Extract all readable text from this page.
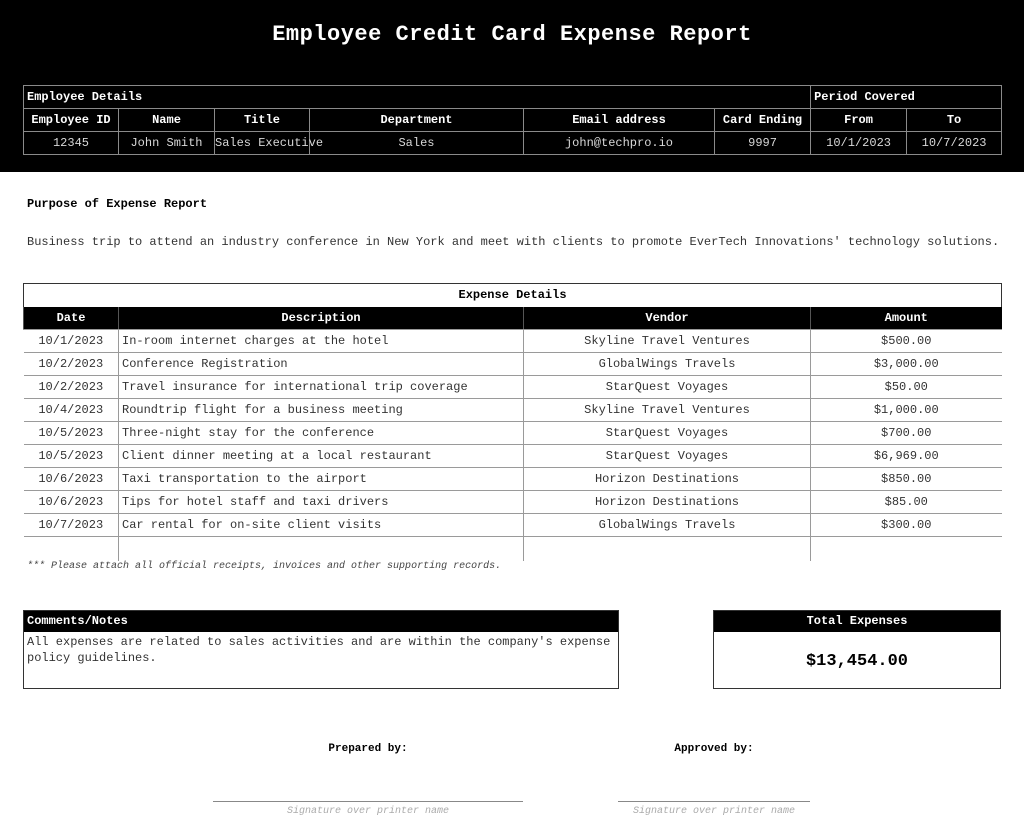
Employee Credit Card Expense Report
Employee Details						Period Covered	
Employee ID	Name	Title	Department	Email address	Card Ending	From	To
12345	John Smith	Sales Executive	Sales	john@techpro.io	9997	10/1/2023	10/7/2023
Purpose of Expense Report
Business trip to attend an industry conference in New York and meet with clients to promote EverTech Innovations' technology solutions.
Expense Details			
Date	Description	Vendor	Amount
10/1/2023	In-room internet charges at the hotel	Skyline Travel Ventures	$500.00
10/2/2023	Conference Registration	GlobalWings Travels	$3,000.00
10/2/2023	Travel insurance for international trip coverage	StarQuest Voyages	$50.00
10/4/2023	Roundtrip flight for a business meeting	Skyline Travel Ventures	$1,000.00
10/5/2023	Three-night stay for the conference	StarQuest Voyages	$700.00
10/5/2023	Client dinner meeting at a local restaurant	StarQuest Voyages	$6,969.00
10/6/2023	Taxi transportation to the airport	Horizon Destinations	$850.00
10/6/2023	Tips for hotel staff and taxi drivers	Horizon Destinations	$85.00
10/7/2023	Car rental for on-site client visits	GlobalWings Travels	$300.00

*** Please attach all official receipts, invoices and other supporting records.
Comments/Notes
All expenses are related to sales activities and are within the company's expense policy guidelines.
Total Expenses
$13,454.00
Prepared by:
Signature over printer name
Approved by:
Signature over printer name
